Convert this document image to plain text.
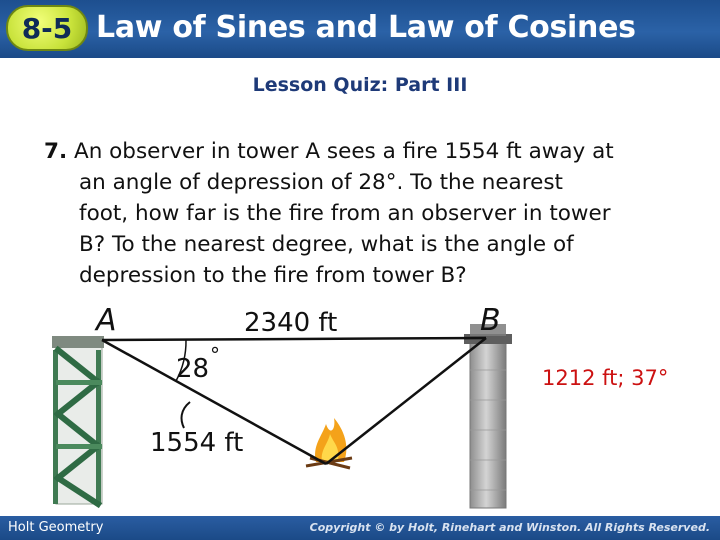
8-5 Law of Sines and Law of Cosines
Lesson Quiz: Part III
7. An observer in tower A sees a fire 1554 ft away at
an angle of depression of 28°. To the nearest
foot, how far is the fire from an observer in tower
B? To the nearest degree, what is the angle of
depression to the fire from tower B?
A	B
2340 ft
28 °
1554 ft
1212 ft; 37°
Holt Geometry	Copyright © by Holt, Rinehart and Winston. All Rights Reserved.
